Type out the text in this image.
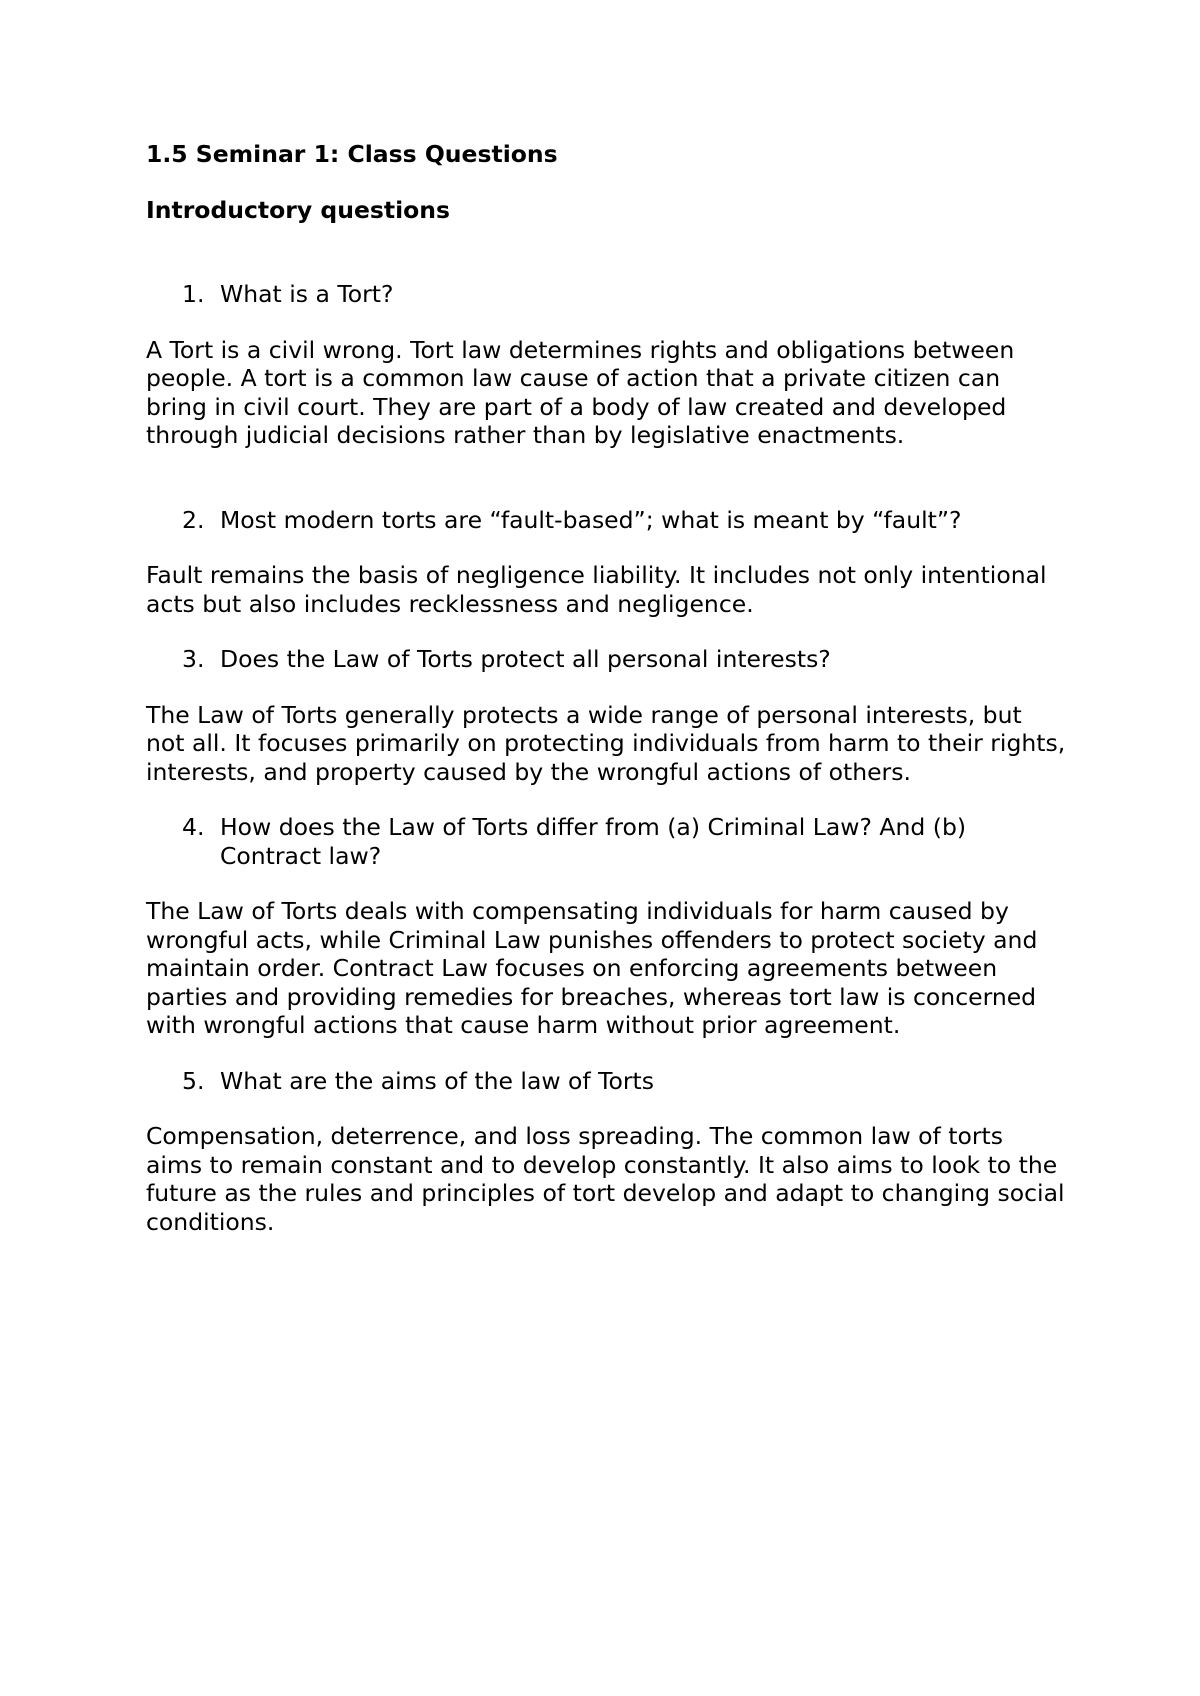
1.5 Seminar 1: Class Questions
Introductory questions
1. What is a Tort?
A Tort is a civil wrong. Tort law determines rights and obligations between people. A tort is a common law cause of action that a private citizen can bring in civil court. They are part of a body of law created and developed through judicial decisions rather than by legislative enactments.
2. Most modern torts are “fault-based”; what is meant by “fault”?
Fault remains the basis of negligence liability. It includes not only intentional acts but also includes recklessness and negligence.
3. Does the Law of Torts protect all personal interests?
The Law of Torts generally protects a wide range of personal interests, but not all. It focuses primarily on protecting individuals from harm to their rights, interests, and property caused by the wrongful actions of others.
4. How does the Law of Torts differ from (a) Criminal Law? And (b) Contract law?
The Law of Torts deals with compensating individuals for harm caused by wrongful acts, while Criminal Law punishes offenders to protect society and maintain order. Contract Law focuses on enforcing agreements between parties and providing remedies for breaches, whereas tort law is concerned with wrongful actions that cause harm without prior agreement.
5. What are the aims of the law of Torts
Compensation, deterrence, and loss spreading. The common law of torts aims to remain constant and to develop constantly. It also aims to look to the future as the rules and principles of tort develop and adapt to changing social conditions.
